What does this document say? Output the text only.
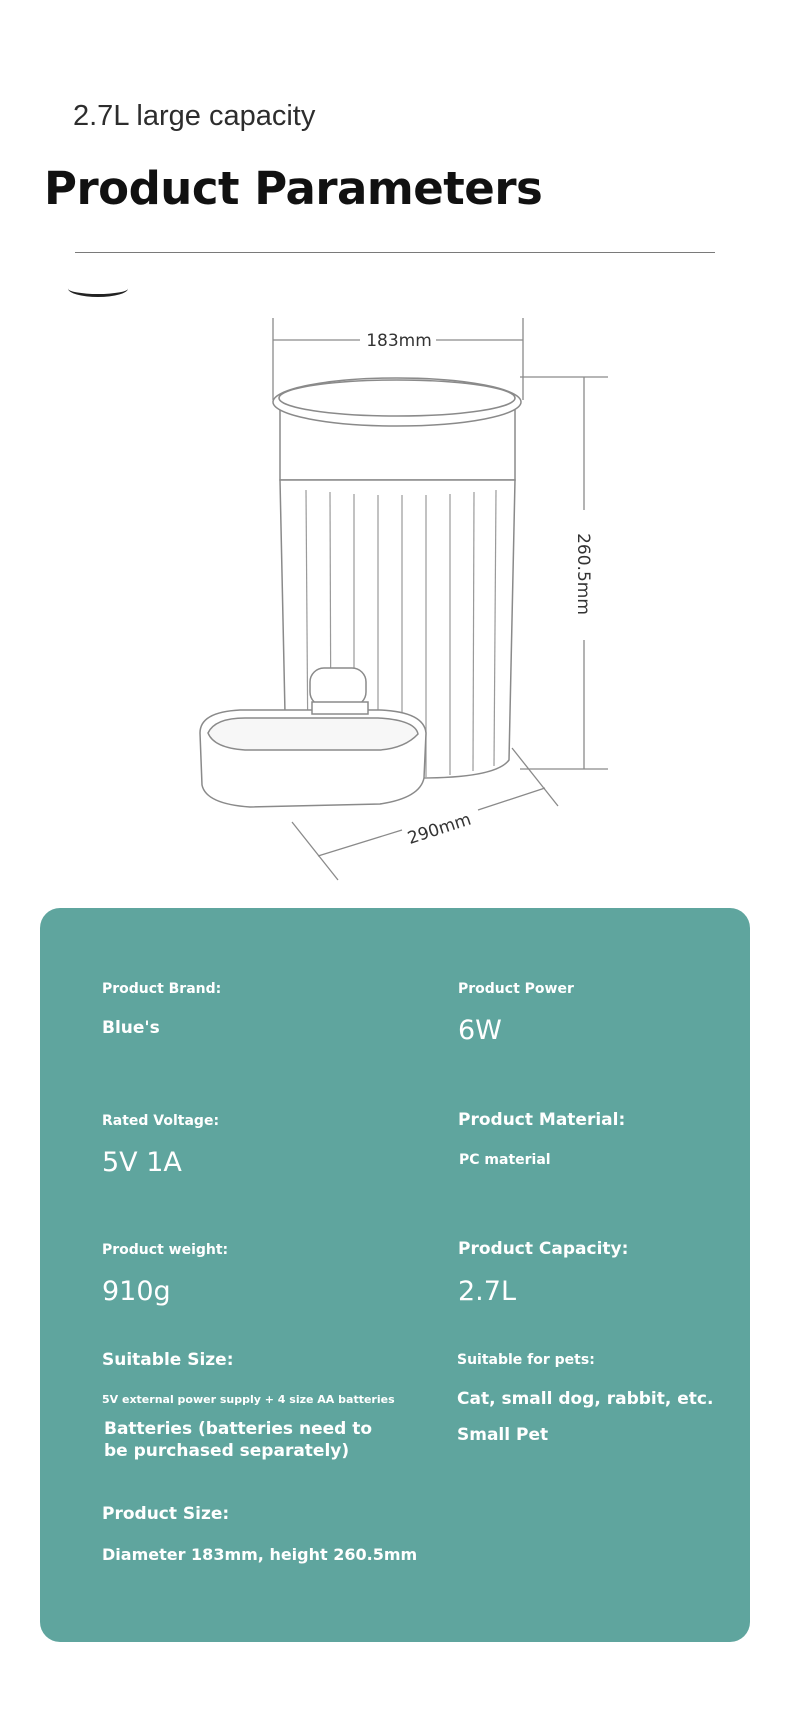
2.7L large capacity
Product Parameters
183mm
260.5mm
290mm
Product Brand:
Blue's
Rated Voltage:
5V 1A
Product weight:
910g
Suitable Size:
5V external power supply + 4 size AA batteries
Batteries (batteries need to be purchased separately)
Product Size:
Diameter 183mm, height 260.5mm
Product Power
6W
Product Material:
PC material
Product Capacity:
2.7L
Suitable for pets:
Cat, small dog, rabbit, etc.
Small Pet
